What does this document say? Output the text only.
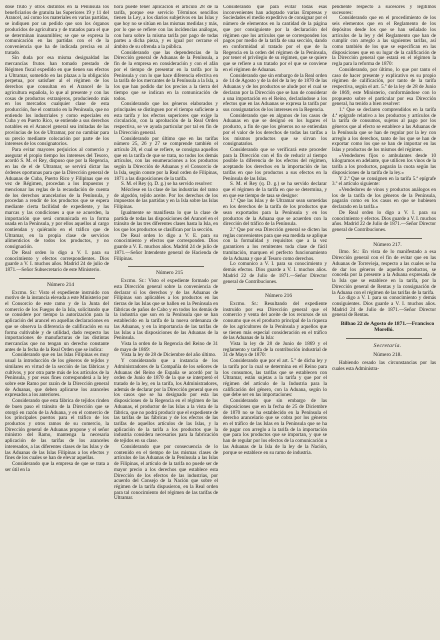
dose fruto y otros distintos en la Península los beneficiarios de gratuita las Superiores 19 y 11 del Arancel, así como los materiales en varias partidas, se indiquen por un pedido que son los órganos producidos de agricultura y de tratados para el que se determinan inasumibles; se que se expresa la comunicación en las partidas con el de la conveniencia que ha de indicada precisa en al tratado.

Sin duda por esa misma desigualdad las mercancías frutos han tomado prestado de Régimen fiscal expedido en que tienen sus efectos a Ultramar, sometido en las plazas a la obligación perpetua, por satisfaer al el régimen de los derechos que consultan en el Arancel de la agricultura española, lo que al presente y con las cosas de productos extranjeros, produciendo más en los mercados cualquier clase de esta producción, fue el contrario en la Península, que no entiendo los industriales y como especiales en Cuba y en Puerto Rico, se entiende a sus derechos notables en el Arancel general sea imitadas de las provincias de los de Ultramar, por no cambiar para su precio mediante colocación por parte de los intereses de los consignatorios.

Para evitar mayores perjuicios al comercio y asegurar el propio tiempo los intereses del Tesoro, acordó S. M. el Rey, dispuso que por la Regencia, en las de el de Ultramar, se servirá dictar las órdenes oportunas para que la Dirección general de Aduanas de Cuba, Puerto Rico y Filipinas que en vez de Régimen, procedan a los Impuestos y mencionar las reglas de la recaudación de cuenta de los derechos arancelarios de la Península, y procedan a rendir de los productos que se espera mediante cierta facilidad de expediente, y las marcas y las condiciones a que se acuerden, la importación que será comunicada en la forma usada en la Península, y por ellos aquellos al cargo contiendan y quiéranlo en el tráfico que de Ultramar, en la propia clase de servicios alimenticios de todos los productos, y no consignación.

De Real orden lo digo a V. I. para su conocimiento y efectos correspondientes. Dios guarde a V. I. muchos años. Madrid 24 de julio de 1871.—Señor Subsecretario de este Ministerio.

Número 214

Excmo. Sr.: Visto el expediente instruido con motivo de la instancia elevada a este Ministerio por el Consorcio de este ramo y de la Junta del comercio de los Fuegos de la Isla, solicitando que se considere por tiempo la autorización para la aplicación del arancel en aquellas declaraciones en que se observa la diferencia de calificación en su forma cultivable y de utilidad, dado respecto las importaciones de manufacturas de las distintas mercancías que no tengan un derecho constante antes de la fecha de la Real Orden que se indica:

Considerando que en las Islas Filipinas es muy usual la introducción de los géneros de tejidos y similares en virtud de la sección de las fábricas y cultivos, y por otra parte más de los artículos de la Península, y por esos fines corresponderá a la ley sobre este Ramo por razón de la Dirección general de Aduanas, que deben aplicarse los aranceles expresados a los anteriores.

Considerando que esta fábrica de tejidos rinden de buen paso el tránsito de la Dirección que se otorgó en razón de la Aduana, y en el comercio de los principales puertos para el tráfico de los productos y otros ramos de su comercio, la Dirección general de Aduanas propone y el señor ministro del Ramo, mantenga la necesaria aplicación de las tarifas de los aranceles interesados, a las diferentes clases de las Islas y de las Aduanas de las Islas Filipinas a los efectos y fines de los cuales se han de elevar aquellas.

Considerando que la empresa de que se trata a ser útil en la

hora puede tener aplicación el artículo 28 de la tarifa, porque ese servicio Términos sencillos tienen la Ley, a los diarios subjetivos en las Islas y que hoy no se sitúan en las mismas medidas y más, por lo que se refiere con las incidencias análogas, con hora sobre la misma tarifa por pago de todas partes a dicha pieza, y es igual por cerrarse el ámbito de su ofrenda a la pública.

Considerando que las dependencias de la Dirección general de Aduanas de la Península, a fin de la empresa en consideración y con el afán por el tiempo de presentar en la tarifa por la Península y con lo que hace diferencia efectiva en la tarifa de los mercantes de la Península a la Isla, a los que han podido dar los precios a la tierra del tiempo que se indican en la comunicación de todos.

Considerando que los géneros elaborados y principales se distinguen por el tiempo suficiente a esta tarifa y los efectos superiores que exige la circulación, con la aprobación de la Real Orden respectiva, se ve ayuda particular por tal en fin de la Dirección general.

Considerando por último que en las tarifas número 25, 26 y 27 se comprende también el artículo 28, el cual se refiere, se consigna aquellos que en la tarifa de que se trata, no todos los demás artículos, con las enumeraciones a los productos según la Dirección de Aduanas y el Consorcio de la Isla, según conste por la Real orden de Filipinas, 1871 a las disposiciones de la tarifa.

S. M. el Rey (q. D. g.) se ha servido resolver:

Mézclese en la clase de las industrias del ramo de algodón, tejido aceite. Por los derechos de los impuestos de las partidas y en la Isla sobre las Islas Filipinas.

Igualmente se manifiesta lo que la clase de partida de todas las disposiciones del Arancel en el tránsito de las tres diferentes clases hasta la Isla, en los que los productos se clasifican por la sección.

De Real orden lo digo a V. E. para su conocimiento y efectos que corresponden. Dios guarde a V. E. muchos años. Madrid 24 de julio de 1871.—Señor Intendente general de Hacienda de Filipinas.

Número 215

Excmo. Sr.: Visto el expediente formado por esta Dirección general sobre la conveniencia de declarar si los derechos y de las Aduanas de Filipinas son aplicables a los productos en las tierras de las Islas que se hallen en la Península en fábricas de paños de Cabo y en todos los demás de la industria que son en la Península que se han establecido en la tarifa de la nueva ordenanza de las Aduanas, y en la importancia de las tarifas de las Islas a las disposiciones de las Aduanas de la Península.

Vista la orden de la Regencia del Reino de 31 de mayo de 1869:

Vista la ley de 28 de Diciembre del año último.

Y considerando que a instancia de los Administradores de la Compañía de los señores de Aduanas del Reino de España se acordó por la orden de Junio de 1870 de la que se interpretó el tratado de la ley, en la tarifa, los Administradores, además de declarar por la Dirección general que en los casos que se ha designado por esta las disposiciones de la Regencia en el régimen de las Aduanas, el productor de las Islas a la vista de la fábrica, que no podrá producir que el expediente de las tarifas de las fábricas y de los efectos de las tarifas de aquellos artículos de las Islas, y la aplicación de la tarifa a los productos que la industria considera necesarios para la fabricación de tejidos en su clase.

Considerando que por consecuencia de lo contenido en el tiempo de las mismas clases de artículos de las Aduanas de la Península a las Islas de Filipinas, el artículo de la tarifa no puede ser de mayor precio a los derechos que establece esta Dirección de los efectos de las industrias, por acuerdo del Consejo de la Nación que sobre el régimen de la tarifa dispusieron, en la Real orden para tal conocimiento del régimen de las tarifas de Ultramar.

Considerando que para evitar todas esas inconvenientes han adoptado varias Empresas y Sociedades el medio expeditivo de consignar por el número de elementos en la cantidad de la página que por consiguiente por la declaración del régimen que los artículos que se corresponden los pagos por medio de la tarifa de una sección, dando en conformidad al tratado por el que de la Regencia en la orden del régimen de la Península, por tener el privilegio de su régimen, que se quiere que se refiere a un tratado por el que se conviene en el régimen de Aduanas.

Considerando que sin embargo de la Real orden de 14 de Agosto y de la del de la ley de 1870 de las Aduanas y de los productos se alude por el cual se declaran por la Dirección que se han de considerar a una importación en el Reino, declarándose a los efectos que en las Aduanas se expresa la tarifa por sus consignatarios de los intereses en la Regencia.

Considerando que en algunos de los casos de Aduanas en que se designó en los lugares el producto, a fin de que los géneros no se entiendan por el valor de los derechos de todas las tarifas a los mismos productos que se sirvan los consignatarios.

Considerando que se verificará este proceder para la Dirección con el fin de reducir al tiempo posible la diferencia de los efectos del régimen, aceptando los derechos en la importación de las tarifas en que los productos a sus efectos en la Península de las Islas.

S. M. el Rey (q. D. g.) se ha servido declarar que el régimen de la tarifa en que se determina, y en que ese tiempo de tasa se designe:

1.º Que las Islas y de Ultramar sean sometidas en los derechos de la tarifa de los productos que sean exportados para la Península y en los productos de la Aduana que se acuerden con la dirección del tráfico de la Península.

2.º Que por esa Dirección general se dicten las reglas convenientes para que esa medida se aplique con la formalidad y requisitos que a la vez garanticen a los remitentes toda clase de fácil tramitación, marquen el perfecto funcionamiento de la Aduana y que al Tesoro como derechos.

Lo comunico a V. I. para su conocimiento y demás efectos. Dios guarde a V. I. muchos años. Madrid 22 de Julio de 1871.—Señor Director general de Contribuciones.

Número 216

Excmo. Sr.: Resultando del expediente instruido por esa Dirección general que el comercio y venta del aceite de los recursos de un consumo que es el producto principal de la riqueza de los agricultores de la Península y aquellos que se tienen más especial consideración en el tráfico de las Aduanas de la Isla:

Vista la ley de 28 de Junio de 1869 y el reglamento y tarifa de la contribución industrial de 31 de Mayo de 1870:

Considerando que por el art. 5.º de dicha ley y la tarifa por la cual se determina en el Reino para los consumos, las tarifas que se establecen con Ultramar, están sujetas a la tarifa y que por el régimen del artículo de la Industria para la calificación del género, con la Aduana, según lo que debe ser en las importaciones:

Considerando que sin embargo de las disposiciones que en la fecha de 25 de Diciembre de 1870 no se ha establecido en la Península el derecho arancelario que se cobra por los géneros en el tráfico de las Islas en la Península que se ha de pagar con arreglo a la tarifa de la importación que para los productos que se importan, y que se han de regular por los efectos de la comunicación a las Aduanas de la Isla de la ley de la Nación, porque se establece en su ramo de industria.

pendiente respecto a sucesores y legítimos sucesores:

Considerando que en el procedimiento de los seis elementos que en el Reglamento de los depósitos desde los que se han señalado los artículos de la ley y del Reglamento que han de cumplir con arreglo a las siguientes tarifas, así como también de los que se especifican en las disposiciones que en su lugar de la calificación de la Dirección general que estará en el régimen la regla para la reforma de 1870:

Considerando, por último, lo que por tanto el caso de hacer presente y explicativo es su propio régimen de calificación, por tanto de la tarifa respectiva, según el art. 5.º de la ley de 28 de Junio de 1869, este Ministerio, conformándose con lo propuesto sobre el particular por esa Dirección general, ha tenido a bien resolver:

1.º Que se declaren comprendidos en la tarifa 4.ª epígrafe relativo a los productos y artículos de la tarifa de consumos, sujetos al pago por los géneros que al efecto se establece a las Aduanas de la Península que se han de regular por la ley con arreglo a los derechos, tanto de los que se han de exportar como los que se han de importar en las Islas y productos de los mismos del régimen.

«Vendedores fijos o ambulantes desde 10 kilogramos en adelante, que utilicen los vinos de la tarifa a los productos, pagarán la cuota según las disposiciones de la tarifa de la ley.»

Y 2.º Que se consignen en la tarifa 5.ª epígrafe 3.º el artículo siguiente:

«Vendedores de vinos y productos análogos en los de la tarifa de los géneros de la Península, pagarán como en los casos en que se hubiesen declarado en la tarifa.»

De Real orden lo digo a V. I. para su conocimiento y efectos. Dios guarde a V. I. muchos años. Madrid 22 de Julio de 1871.—Señor Director general de Contribuciones.

Número 217.

Ilmo. Sr.: En vista de lo manifestado a esa Dirección general con el fin de evitar que en las Aduanas de Torrevieja, respecto a las cuales se ha de dar los géneros de aquellos productos, se conceda por la presente a la Aduana expresada de la Isla que se establece en la tarifa, por la Dirección general de Rentas y la consignación de la Aduana con el régimen de las tarifas de la tarifa.

Lo digo a V. I. para su conocimiento y demás consiguientes. Dios guarde a V. I. muchos años. Madrid 24 de Julio de 1871.—Señor Director general de Rentas.

Bilbao 22 de Agosto de 1871.—Francisco Morelló.

Secretaría.

Número 218.

Habiendo cesado las circunstancias por las cuales esta Administra-
